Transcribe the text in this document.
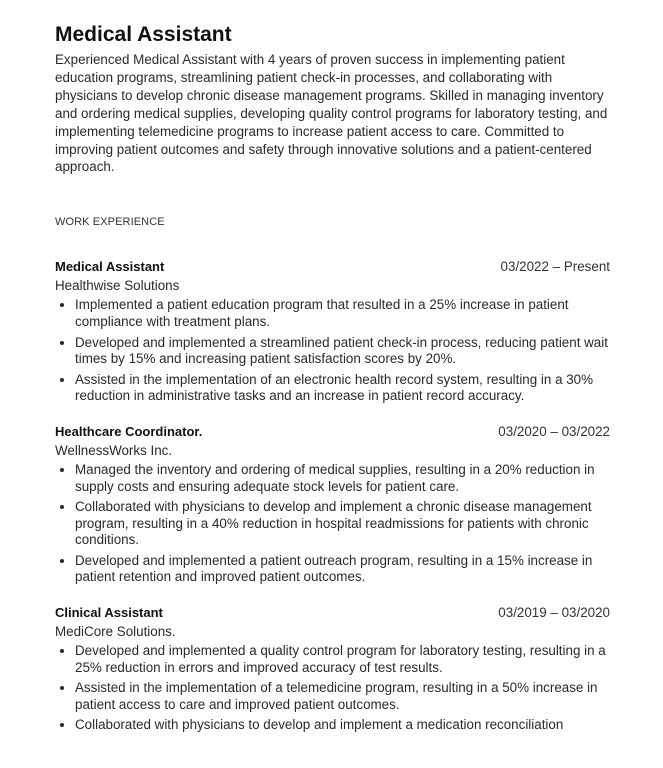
Medical Assistant

Experienced Medical Assistant with 4 years of proven success in implementing patient education programs, streamlining patient check-in processes, and collaborating with physicians to develop chronic disease management programs. Skilled in managing inventory and ordering medical supplies, developing quality control programs for laboratory testing, and implementing telemedicine programs to increase patient access to care. Committed to improving patient outcomes and safety through innovative solutions and a patient-centered approach.

WORK EXPERIENCE
Medical Assistant	03/2022 – Present
Healthwise Solutions
Implemented a patient education program that resulted in a 25% increase in patient compliance with treatment plans.
Developed and implemented a streamlined patient check-in process, reducing patient wait times by 15% and increasing patient satisfaction scores by 20%.
Assisted in the implementation of an electronic health record system, resulting in a 30% reduction in administrative tasks and an increase in patient record accuracy.
Healthcare Coordinator.	03/2020 – 03/2022
WellnessWorks Inc.
Managed the inventory and ordering of medical supplies, resulting in a 20% reduction in supply costs and ensuring adequate stock levels for patient care.
Collaborated with physicians to develop and implement a chronic disease management program, resulting in a 40% reduction in hospital readmissions for patients with chronic conditions.
Developed and implemented a patient outreach program, resulting in a 15% increase in patient retention and improved patient outcomes.
Clinical Assistant	03/2019 – 03/2020
MediCore Solutions.
Developed and implemented a quality control program for laboratory testing, resulting in a 25% reduction in errors and improved accuracy of test results.
Assisted in the implementation of a telemedicine program, resulting in a 50% increase in patient access to care and improved patient outcomes.
Collaborated with physicians to develop and implement a medication reconciliation
